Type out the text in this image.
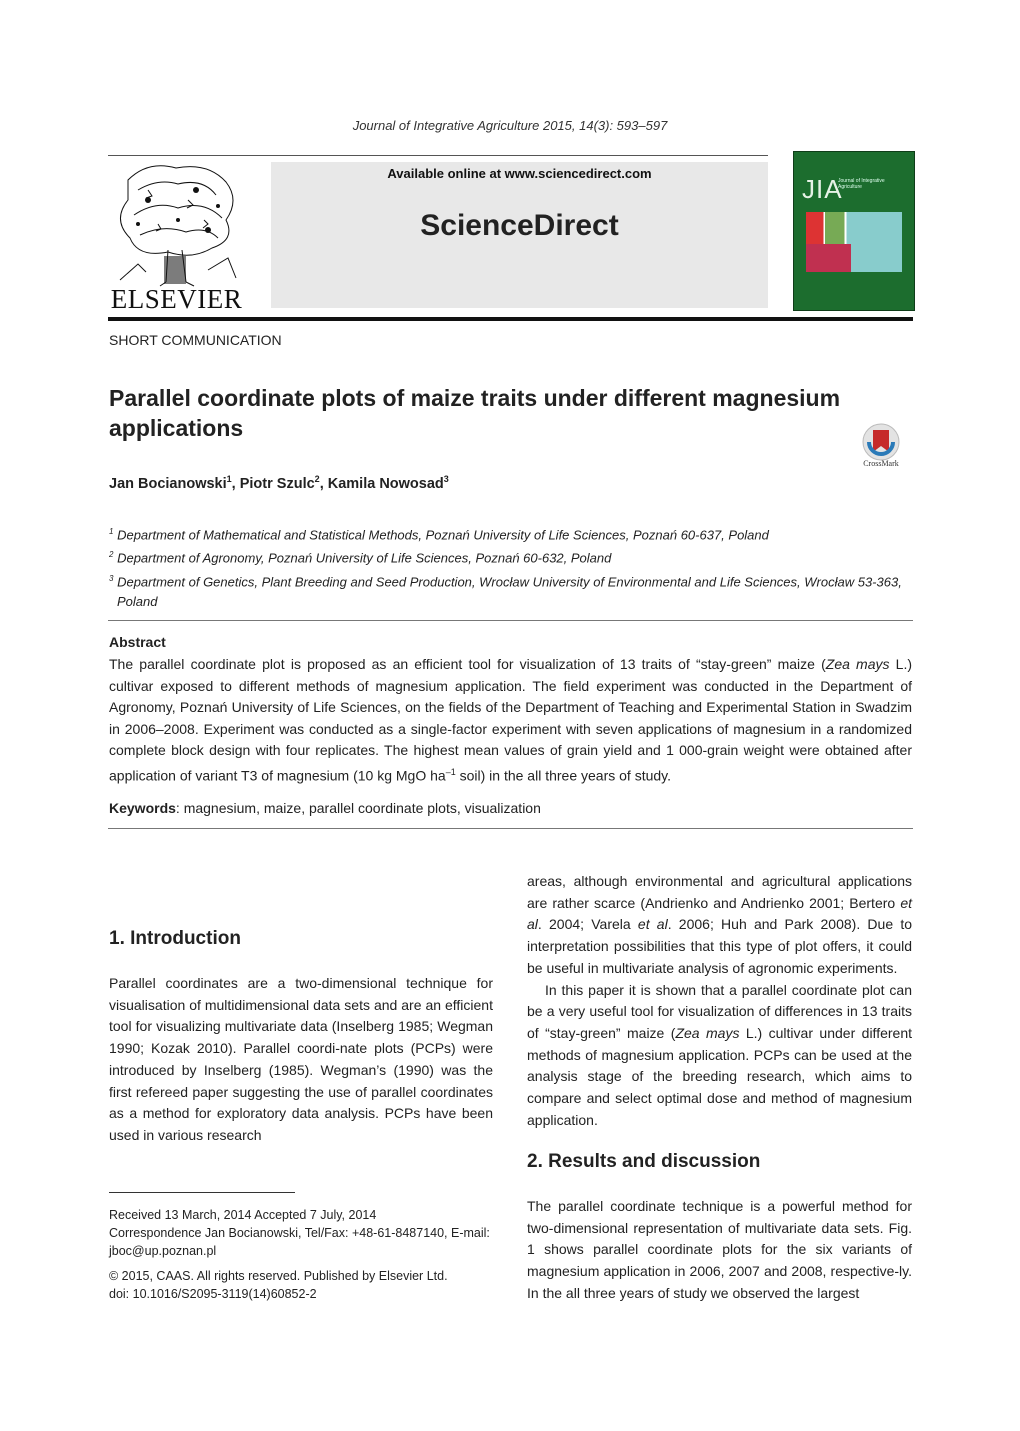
Journal of Integrative Agriculture 2015, 14(3): 593–597
ELSEVIER
Available online at www.sciencedirect.com
ScienceDirect
JIA
Journal of Integrative Agriculture
SHORT COMMUNICATION
Parallel coordinate plots of maize traits under different magnesium applications
CrossMark
Jan Bocianowski$^1$, Piotr Szulc$^2$, Kamila Nowosad$^3$
$^1$ Department of Mathematical and Statistical Methods, Poznań University of Life Sciences, Poznań 60-637, Poland
$^2$ Department of Agronomy, Poznań University of Life Sciences, Poznań 60-632, Poland
$^3$ Department of Genetics, Plant Breeding and Seed Production, Wrocław University of Environmental and Life Sciences, Wrocław 53-363, Poland
Abstract
The parallel coordinate plot is proposed as an efficient tool for visualization of 13 traits of “stay-green” maize (Zea mays L.) cultivar exposed to different methods of magnesium application. The field experiment was conducted in the Department of Agronomy, Poznań University of Life Sciences, on the fields of the Department of Teaching and Experimental Station in Swadzim in 2006–2008. Experiment was conducted as a single-factor experiment with seven applications of magnesium in a randomized complete block design with four replicates. The highest mean values of grain yield and 1 000-grain weight were obtained after application of variant T3 of magnesium (10 kg MgO $ha^{-1}$ soil) in the all three years of study.
Keywords: magnesium, maize, parallel coordinate plots, visualization
1. Introduction

Parallel coordinates are a two-dimensional technique for visualisation of multidimensional data sets and are an efficient tool for visualizing multivariate data (Inselberg 1985; Wegman 1990; Kozak 2010). Parallel coordi-nate plots (PCPs) were introduced by Inselberg (1985). Wegman’s (1990) was the first refereed paper suggesting the use of parallel coordinates as a method for exploratory data analysis. PCPs have been used in various research

Received 13 March, 2014 Accepted 7 July, 2014
Correspondence Jan Bocianowski, Tel/Fax: +48-61-8487140, E-mail: jboc@up.poznan.pl
© 2015, CAAS. All rights reserved. Published by Elsevier Ltd.
doi: 10.1016/S2095-3119(14)60852-2

areas, although environmental and agricultural applications are rather scarce (Andrienko and Andrienko 2001; Bertero et al. 2004; Varela et al. 2006; Huh and Park 2008). Due to interpretation possibilities that this type of plot offers, it could be useful in multivariate analysis of agronomic experiments.

In this paper it is shown that a parallel coordinate plot can be a very useful tool for visualization of differences in 13 traits of “stay-green” maize (Zea mays L.) cultivar under different methods of magnesium application. PCPs can be used at the analysis stage of the breeding research, which aims to compare and select optimal dose and method of magnesium application.

2. Results and discussion

The parallel coordinate technique is a powerful method for two-dimensional representation of multivariate data sets. Fig. 1 shows parallel coordinate plots for the six variants of magnesium application in 2006, 2007 and 2008, respective-ly. In the all three years of study we observed the largest
